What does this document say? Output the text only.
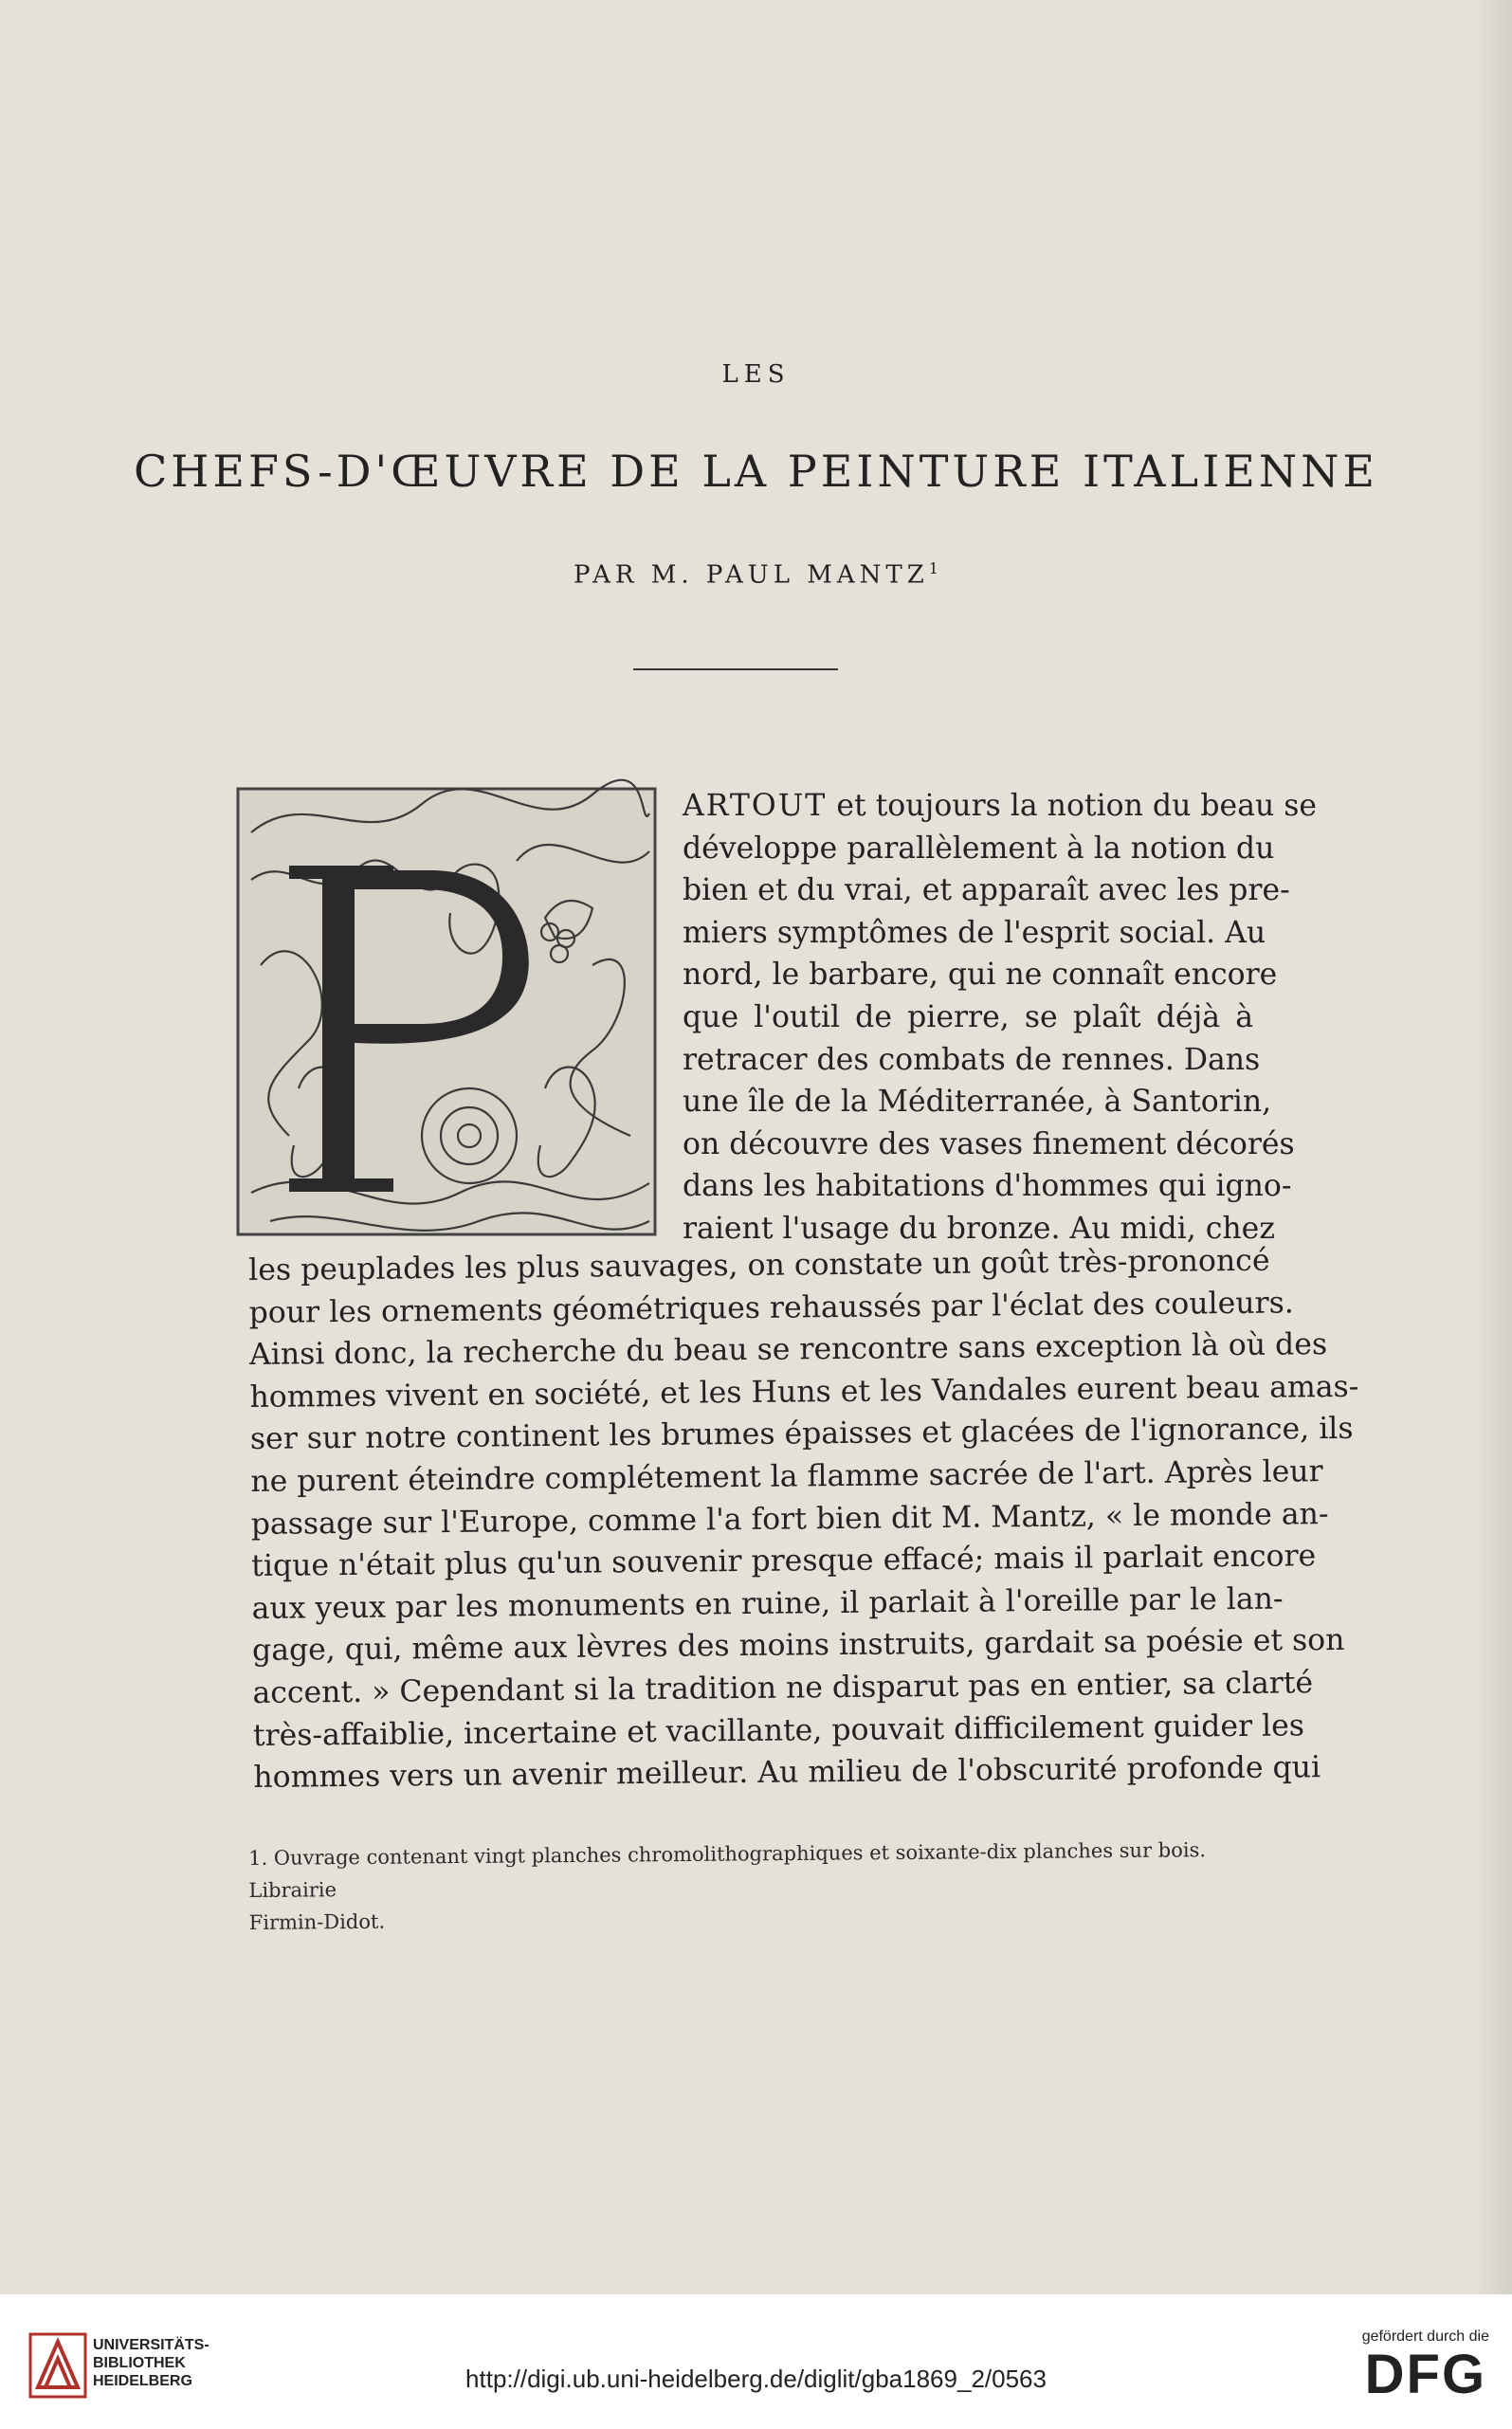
LES
CHEFS-D'ŒUVRE DE LA PEINTURE ITALIENNE
PAR M. PAUL MANTZ$^1$
ARTOUT et toujours la notion du beau se
développe parallèlement à la notion du
bien et du vrai, et apparaît avec les pre-
miers symptômes de l'esprit social. Au
nord, le barbare, qui ne connaît encore
que l'outil de pierre, se plaît déjà à
retracer des combats de rennes. Dans
une île de la Méditerranée, à Santorin,
on découvre des vases finement décorés
dans les habitations d'hommes qui igno-
raient l'usage du bronze. Au midi, chez
les peuplades les plus sauvages, on constate un goût très-prononcé
pour les ornements géométriques rehaussés par l'éclat des couleurs.
Ainsi donc, la recherche du beau se rencontre sans exception là où des
hommes vivent en société, et les Huns et les Vandales eurent beau amas-
ser sur notre continent les brumes épaisses et glacées de l'ignorance, ils
ne purent éteindre complétement la flamme sacrée de l'art. Après leur
passage sur l'Europe, comme l'a fort bien dit M. Mantz, « le monde an-
tique n'était plus qu'un souvenir presque effacé; mais il parlait encore
aux yeux par les monuments en ruine, il parlait à l'oreille par le lan-
gage, qui, même aux lèvres des moins instruits, gardait sa poésie et son
accent. » Cependant si la tradition ne disparut pas en entier, sa clarté
très-affaiblie, incertaine et vacillante, pouvait difficilement guider les
hommes vers un avenir meilleur. Au milieu de l'obscurité profonde qui
1. Ouvrage contenant vingt planches chromolithographiques et soixante-dix planches sur bois. Librairie
Firmin-Didot.
UNIVERSITÄTS-
BIBLIOTHEK
HEIDELBERG	http://digi.ub.uni-heidelberg.de/diglit/gba1869_2/0563
gefördert durch die
DFG
